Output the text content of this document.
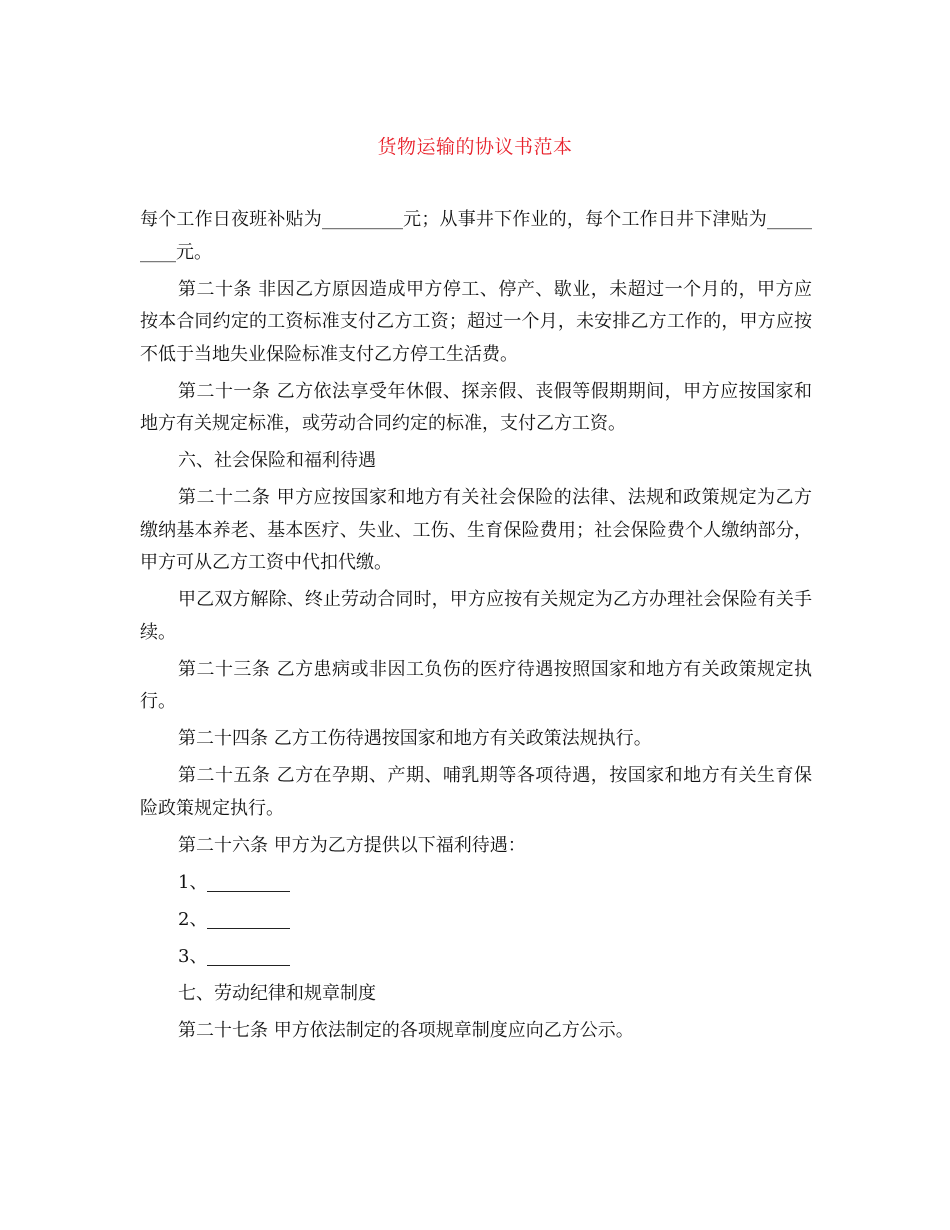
货物运输的协议书范本

每个工作日夜班补贴为_________元；从事井下作业的，每个工作日井下津贴为_________元。

第二十条 非因乙方原因造成甲方停工、停产、歇业，未超过一个月的，甲方应按本合同约定的工资标准支付乙方工资；超过一个月，未安排乙方工作的，甲方应按不低于当地失业保险标准支付乙方停工生活费。

第二十一条 乙方依法享受年休假、探亲假、丧假等假期期间，甲方应按国家和地方有关规定标准，或劳动合同约定的标准，支付乙方工资。

六、社会保险和福利待遇

第二十二条 甲方应按国家和地方有关社会保险的法律、法规和政策规定为乙方缴纳基本养老、基本医疗、失业、工伤、生育保险费用；社会保险费个人缴纳部分，甲方可从乙方工资中代扣代缴。

甲乙双方解除、终止劳动合同时，甲方应按有关规定为乙方办理社会保险有关手续。

第二十三条 乙方患病或非因工负伤的医疗待遇按照国家和地方有关政策规定执行。

第二十四条 乙方工伤待遇按国家和地方有关政策法规执行。

第二十五条 乙方在孕期、产期、哺乳期等各项待遇，按国家和地方有关生育保险政策规定执行。

第二十六条 甲方为乙方提供以下福利待遇：

1、

2、

3、

七、劳动纪律和规章制度

第二十七条 甲方依法制定的各项规章制度应向乙方公示。
